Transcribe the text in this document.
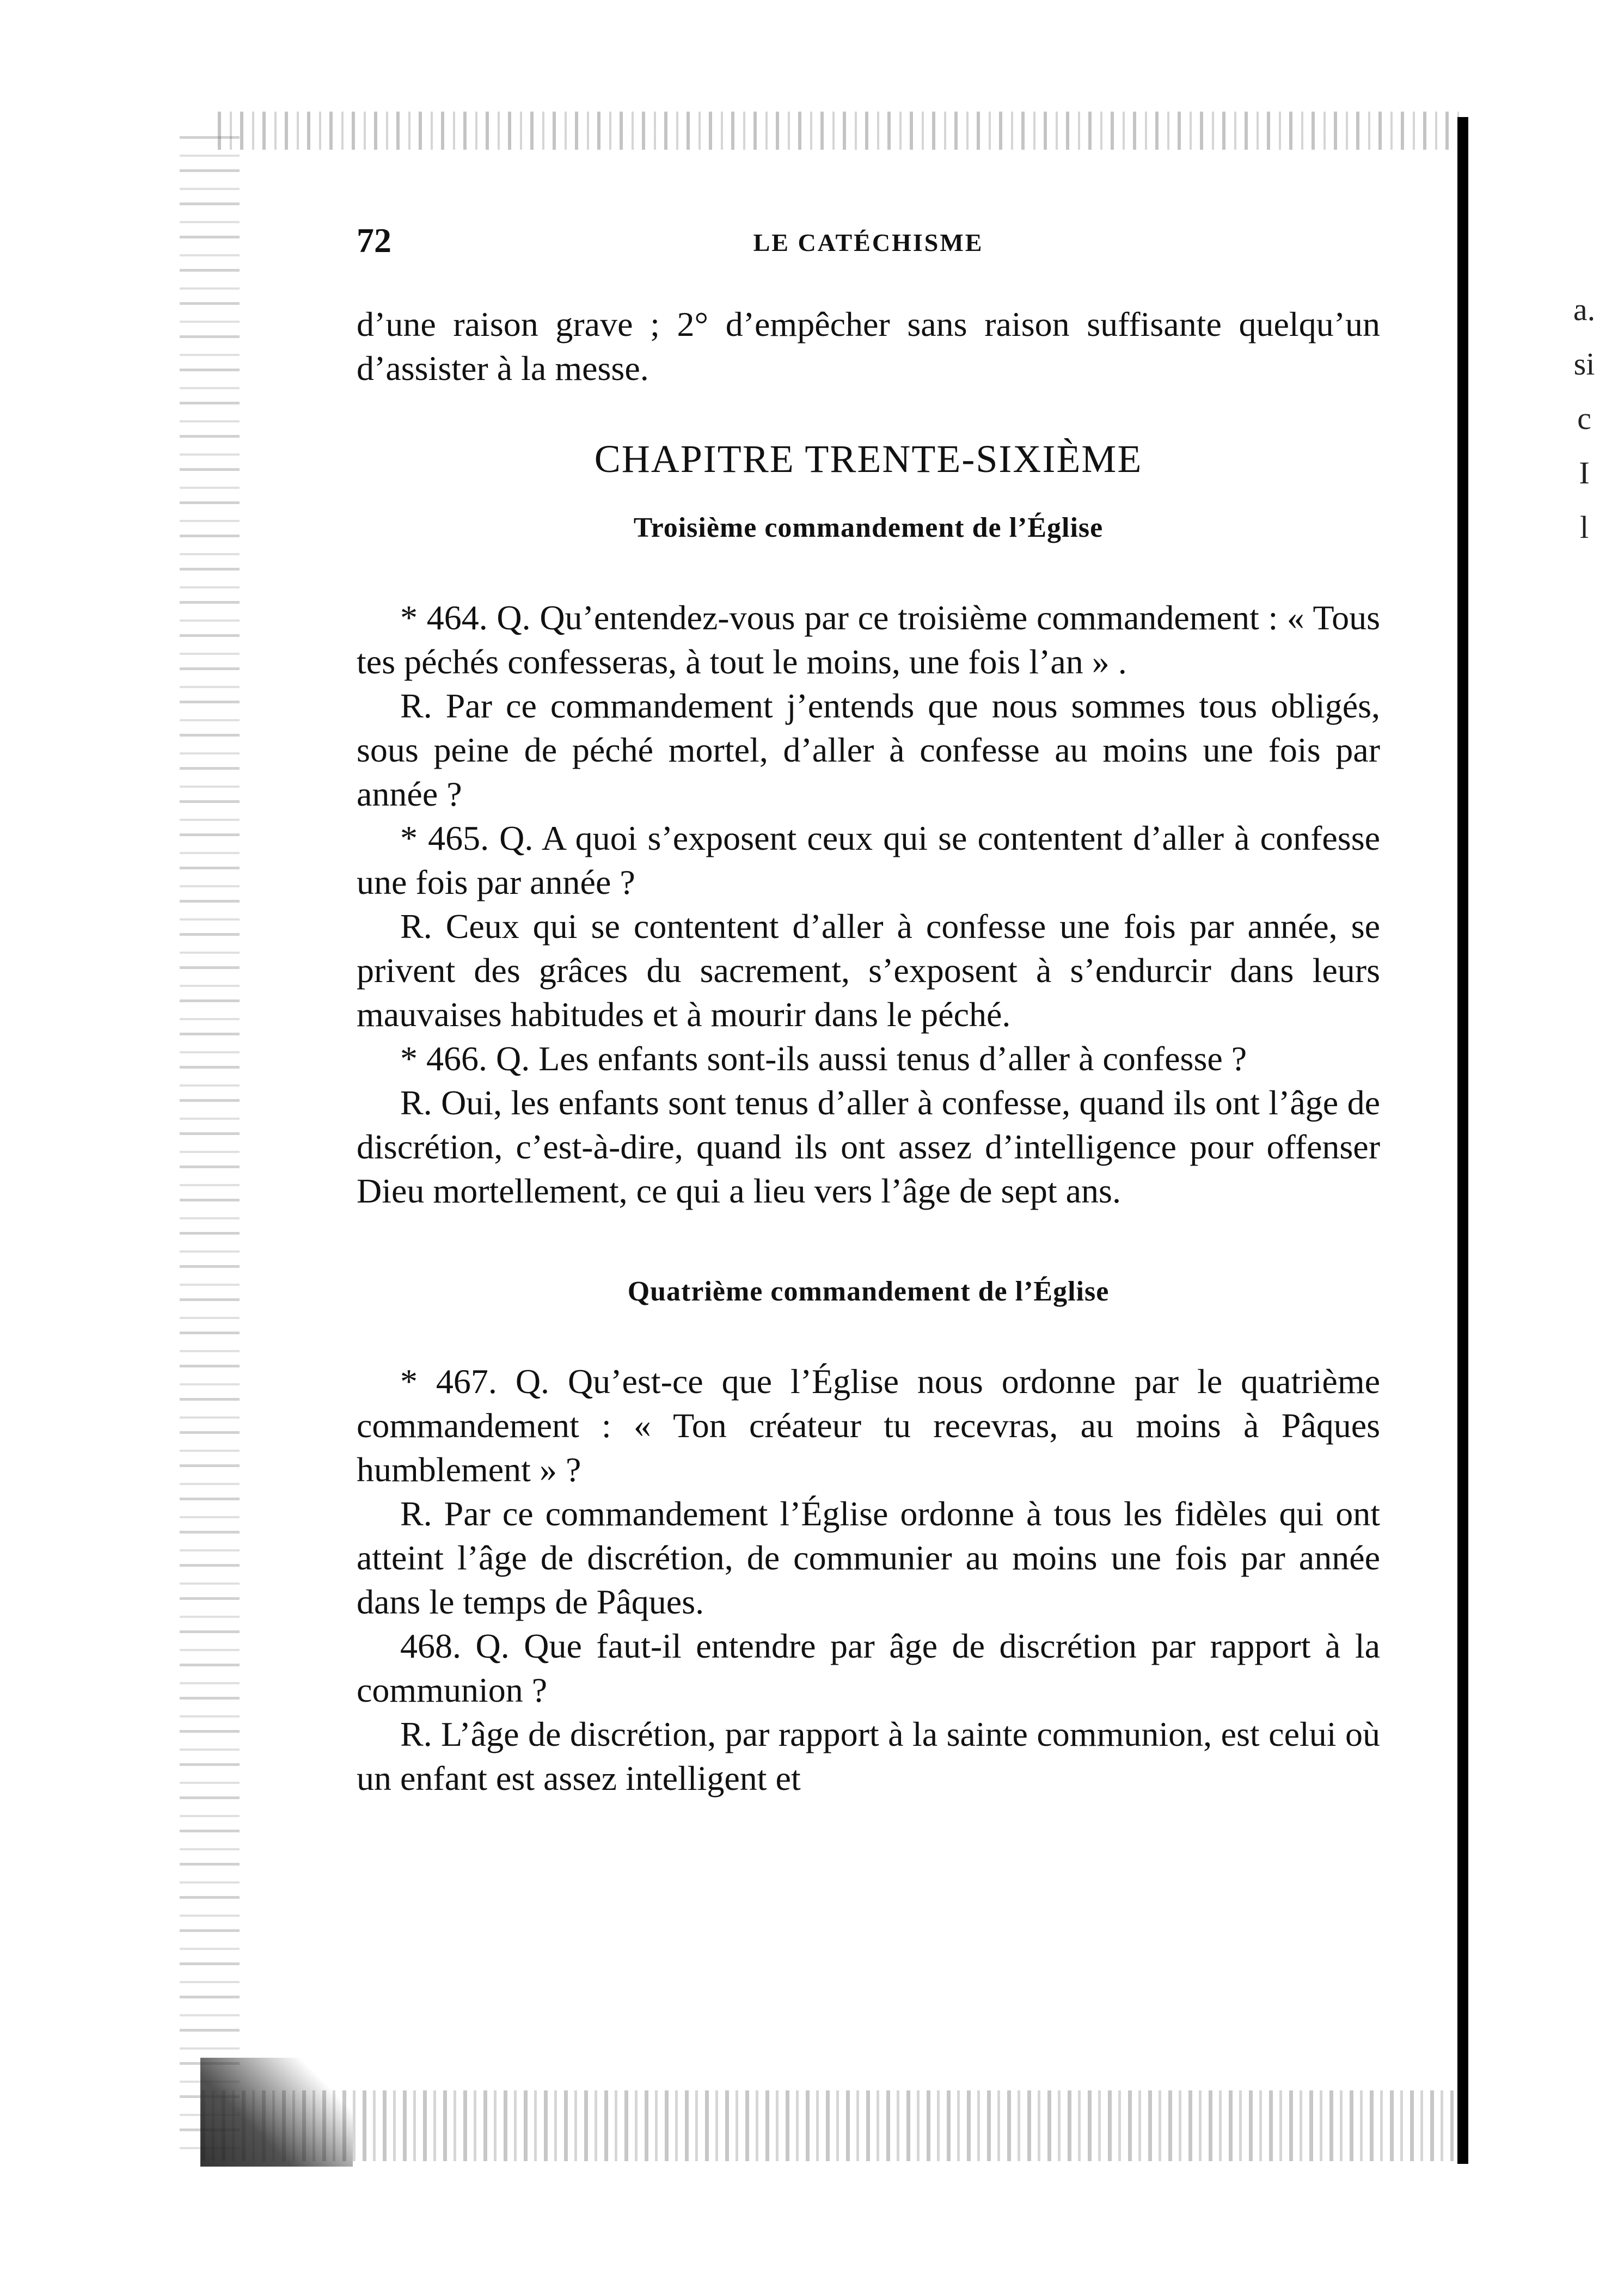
a.
si
c
I
l
72	LE CATÉCHISME

d’une raison grave ; 2° d’empêcher sans raison suffisante quelqu’un d’assister à la messe.

CHAPITRE TRENTE-SIXIÈME
Troisième commandement de l’Église

* 464. Q. Qu’entendez-vous par ce troisième commandement : « Tous tes péchés confesseras, à tout le moins, une fois l’an » .

R. Par ce commandement j’entends que nous sommes tous obligés, sous peine de péché mortel, d’aller à confesse au moins une fois par année ?

* 465. Q. A quoi s’exposent ceux qui se contentent d’aller à confesse une fois par année ?

R. Ceux qui se contentent d’aller à confesse une fois par année, se privent des grâces du sacrement, s’exposent à s’endurcir dans leurs mauvaises habitudes et à mourir dans le péché.

* 466. Q. Les enfants sont-ils aussi tenus d’aller à confesse ?

R. Oui, les enfants sont tenus d’aller à confesse, quand ils ont l’âge de discrétion, c’est-à-dire, quand ils ont assez d’intelligence pour offenser Dieu mortellement, ce qui a lieu vers l’âge de sept ans.

Quatrième commandement de l’Église

* 467. Q. Qu’est-ce que l’Église nous ordonne par le quatrième commandement : « Ton créateur tu recevras, au moins à Pâques humblement » ?

R. Par ce commandement l’Église ordonne à tous les fidèles qui ont atteint l’âge de discrétion, de communier au moins une fois par année dans le temps de Pâques.

468. Q. Que faut-il entendre par âge de discrétion par rapport à la communion ?

R. L’âge de discrétion, par rapport à la sainte communion, est celui où un enfant est assez intelligent et
